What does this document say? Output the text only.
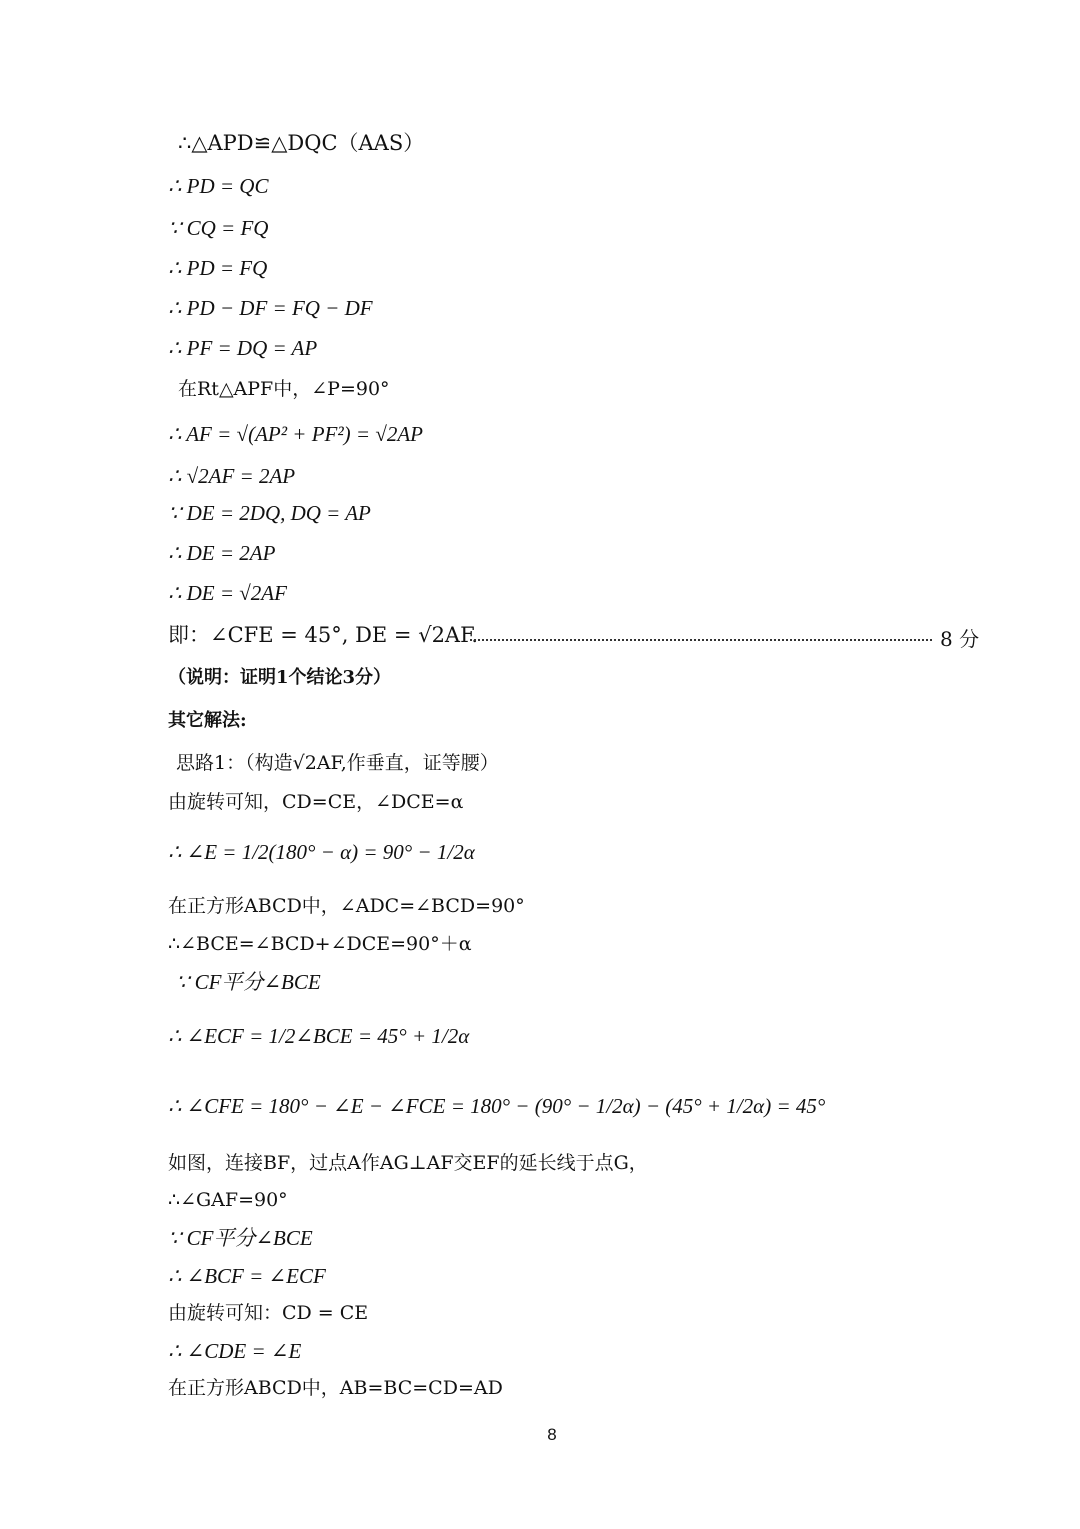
∴△APD≌△DQC（AAS）
∴ PD = QC
∵ CQ = FQ
∴ PD = FQ
∴ PD − DF = FQ − DF
∴ PF = DQ = AP
在Rt△APF中，∠P=90°
∴ AF = √(AP² + PF²) = √2AP
∴ √2AF = 2AP
∵ DE = 2DQ, DQ = AP
∴ DE = 2AP
∴ DE = √2AF
即：∠CFE = 45°, DE = √2AF.	8 分
（说明：证明1个结论3分）
其它解法:
思路1：（构造√2AF,作垂直，证等腰）
由旋转可知，CD=CE，∠DCE=α
∴ ∠E = 1/2(180° − α) = 90° − 1/2α
在正方形ABCD中，∠ADC=∠BCD=90°
∴∠BCE=∠BCD+∠DCE=90°＋α
∵ CF平分∠BCE
∴ ∠ECF = 1/2∠BCE = 45° + 1/2α
∴ ∠CFE = 180° − ∠E − ∠FCE = 180° − (90° − 1/2α) − (45° + 1/2α) = 45°
如图，连接BF，过点A作AG⊥AF交EF的延长线于点G，
∴∠GAF=90°
∵ CF平分∠BCE
∴ ∠BCF = ∠ECF
由旋转可知：CD = CE
∴ ∠CDE = ∠E
在正方形ABCD中，AB=BC=CD=AD
8
